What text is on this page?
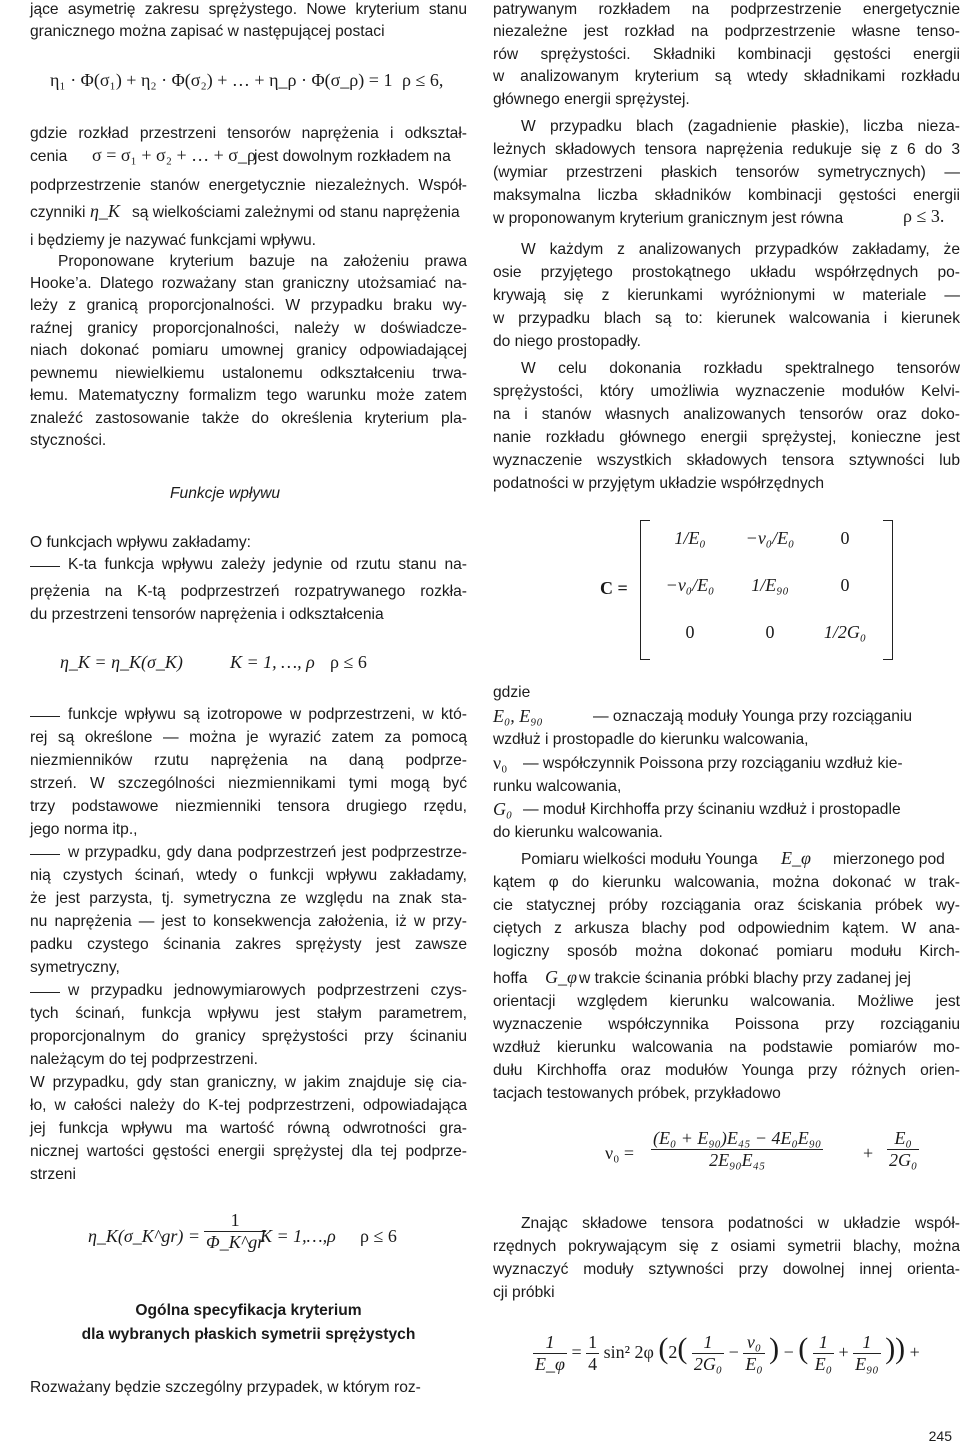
jące asymetrię zakresu sprężystego. Nowe kryterium stanu
granicznego można zapisać w następującej postaci
η₁ · Φ(σ₁) + η₂ · Φ(σ₂) + … + η_ρ · Φ(σ_ρ) = 1 ρ ≤ 6,
gdzie rozkład przestrzeni tensorów naprężenia i odkształ-
cenia σ = σ₁ + σ₂ + … + σ_ρ
jest dowolnym rozkładem na
podprzestrzenie stanów energetycznie niezależnych. Współ-
czynniki η_K są wielkościami zależnymi od stanu naprężenia
i będziemy je nazywać funkcjami wpływu.
Proponowane kryterium bazuje na założeniu prawa
Hooke’a. Dlatego rozważany stan graniczny utożsamiać na-
leży z granicą proporcjonalności. W przypadku braku wy-
raźnej granicy proporcjonalności, należy w doświadcze-
niach dokonać pomiaru umownej granicy odpowiadającej
pewnemu niewielkiemu ustalonemu odkształceniu trwa-
łemu. Matematyczny formalizm tego warunku może zatem
znaleźć zastosowanie także do określenia kryterium pla-
styczności.
Funkcje wpływu
O funkcjach wpływu zakładamy:
K-ta funkcja wpływu zależy jedynie od rzutu stanu na-
prężenia na K-tą podprzestrzeń rozpatrywanego rozkła-
du przestrzeni tensorów naprężenia i odkształcenia
η_K = η_K(σ_K)	K = 1, …, ρ ρ ≤ 6
funkcje wpływu są izotropowe w podprzestrzeni, w któ-
rej są określone — można je wyrazić zatem za pomocą
niezmienników rzutu naprężenia na daną podprze-
strzeń. W szczególności niezmiennikami tymi mogą być
trzy podstawowe niezmienniki tensora drugiego rzędu,
jego norma itp.,
w przypadku, gdy dana podprzestrzeń jest podprzestrze-
nią czystych ścinań, wtedy o funkcji wpływu zakładamy,
że jest parzysta, tj. symetryczna ze względu na znak sta-
nu naprężenia — jest to konsekwencja założenia, iż w przy-
padku czystego ścinania zakres sprężysty jest zawsze
symetryczny,
w przypadku jednowymiarowych podprzestrzeni czys-
tych ścinań, funkcja wpływu jest stałym parametrem,
proporcjonalnym do granicy sprężystości przy ścinaniu
należącym do tej podprzestrzeni.
W przypadku, gdy stan graniczny, w jakim znajduje się cia-
ło, w całości należy do K-tej podprzestrzeni, odpowiadająca
jej funkcja wpływu ma wartość równą odwrotności gra-
nicznej wartości gęstości energii sprężystej dla tej podprze-
strzeni
η_K(σ_K^gr) = $\frac{1}{\Phi\_K\^{}gr}$
K = 1,…,ρ ρ ≤ 6
Ogólna specyfikacja kryterium
dla wybranych płaskich symetrii sprężystych
Rozważany będzie szczególny przypadek, w którym roz-
patrywanym rozkładem na podprzestrzenie energetycznie
niezależne jest rozkład na podprzestrzenie własne tenso-
rów sprężystości. Składniki kombinacji gęstości energii
w analizowanym kryterium są wtedy składnikami rozkładu
głównego energii sprężystej.
W przypadku blach (zagadnienie płaskie), liczba nieza-
leżnych składowych tensora naprężenia redukuje się z 6 do 3
(wymiar przestrzeni płaskich tensorów symetrycznych) —
maksymalna liczba składników kombinacji gęstości energii
w proponowanym kryterium granicznym jest równa	ρ ≤ 3.
W każdym z analizowanych przypadków zakładamy, że
osie przyjętego prostokątnego układu współrzędnych po-
krywają się z kierunkami wyróżnionymi w materiale —
w przypadku blach są to: kierunek walcowania i kierunek
do niego prostopadły.
W celu dokonania rozkładu spektralnego tensorów
sprężystości, który umożliwia wyznaczenie modułów Kelvi-
na i stanów własnych analizowanych tensorów oraz doko-
nanie rozkładu głównego energii sprężystej, konieczne jest
wyznaczenie wszystkich składowych tensora sztywności lub
podatności w przyjętym układzie współrzędnych
C =
1/E₀	−ν₀/E₀	0
−ν₀/E₀	1/E₉₀	0
0	0	1/2G₀
gdzie
E₀, E₉₀	— oznaczają moduły Younga przy rozciąganiu
wzdłuż i prostopadle do kierunku walcowania,
ν₀ — współczynnik Poissona przy rozciąganiu wzdłuż kie-
runku walcowania,
G₀ — moduł Kirchhoffa przy ścinaniu wzdłuż i prostopadle
do kierunku walcowania.
Pomiaru wielkości modułu Younga E_φ mierzonego pod
kątem φ do kierunku walcowania, można dokonać w trak-
cie statycznej próby rozciągania oraz ściskania próbek wy-
ciętych z arkusza blachy pod odpowiednim kątem. W ana-
logiczny sposób można dokonać pomiaru modułu Kirch-
hoffa G_φ w trakcie ścinania próbki blachy przy zadanej jej
orientacji względem kierunku walcowania. Możliwe jest
wyznaczenie współczynnika Poissona przy rozciąganiu
wzdłuż kierunku walcowania na podstawie pomiarów mo-
dułu Kirchhoffa oraz modułów Younga przy różnych orien-
tacjach testowanych próbek, przykładowo
$\nu_0 = \frac{\text{(E₀ + E₉₀)E₄₅ − 4E₀E₉₀}}{\text{2E₉₀E₄₅}} + \frac{\text{E₀}}{\text{2G₀}}$
Znając składowe tensora podatności w układzie współ-
rzędnych pokrywającym się z osiami symetrii blachy, można
wyznaczyć moduły sztywności przy dowolnej innej orienta-
cji próbki
$\frac{1}{E\_\varphi} = \frac{1}{4} \sin^2$ 2φ ($2( \frac{1}{\text{2G₀}} - \frac{\text{ν₀}}{\text{E₀}}$ ) − ( $\frac{1}{\text{E₀}} + \frac{1}{\text{E₉₀}}$ )) +
245
